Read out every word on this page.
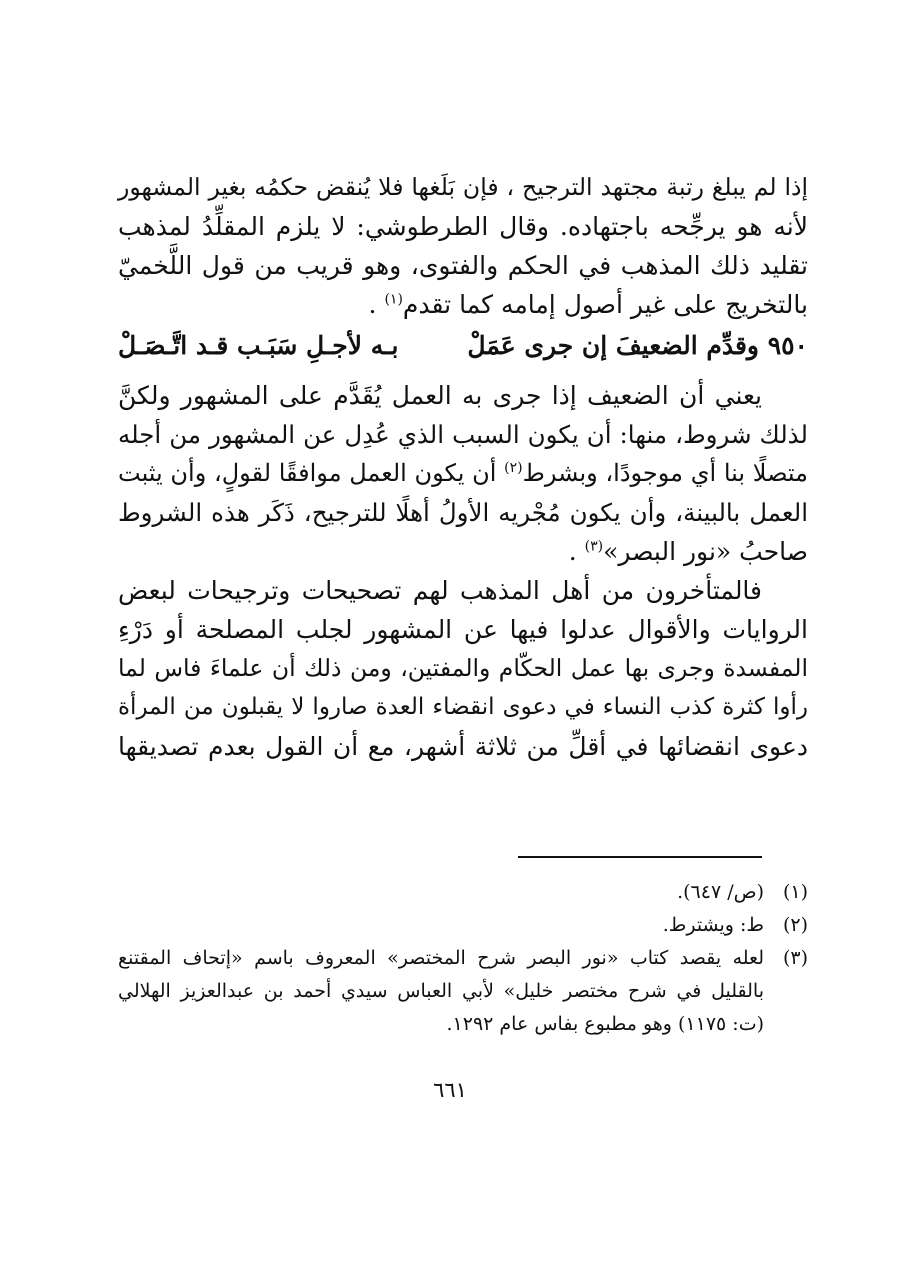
إذا لم يبلغ رتبة مجتهد الترجيح ، فإن بَلَغها فلا يُنقض حكمُه بغير المشهور
لأنه هو يرجِّحه باجتهاده. وقال الطرطوشي: لا يلزم المقلِّدُ لمذهب
تقليد ذلك المذهب في الحكم والفتوى، وهو قريب من قول اللَّخميّ
بالتخريج على غير أصول إمامه كما تقدم$^{(١)}$ .

٩٥٠ وقدِّم الضعيفَ إن جرى عَمَلْ
بـه لأجـلِ سَبَـب قـد اتَّـصَـلْ

يعني أن الضعيف إذا جرى به العمل يُقَدَّم على المشهور ولكنَّ
لذلك شروط، منها: أن يكون السبب الذي عُدِل عن المشهور من أجله
متصلًا بنا أي موجودًا، وبشرط$^{(٢)}$ أن يكون العمل موافقًا لقولٍ، وأن يثبت
العمل بالبينة، وأن يكون مُجْريه الأولُ أهلًا للترجيح، ذَكَر هذه الشروط
صاحبُ «نور البصر»$^{(٣)}$ .

فالمتأخرون من أهل المذهب لهم تصحيحات وترجيحات لبعض
الروايات والأقوال عدلوا فيها عن المشهور لجلب المصلحة أو دَرْءِ
المفسدة وجرى بها عمل الحكّام والمفتين، ومن ذلك أن علماءَ فاس لما
رأوا كثرة كذب النساء في دعوى انقضاء العدة صاروا لا يقبلون من المرأة
دعوى انقضائها في أقلِّ من ثلاثة أشهر، مع أن القول بعدم تصديقها

(١)
(ص/ ٦٤٧).
(٢)
ط: ويشترط.
(٣)
لعله يقصد كتاب «نور البصر شرح المختصر» المعروف باسم «إتحاف المقتنع
بالقليل في شرح مختصر خليل» لأبي العباس سيدي أحمد بن عبدالعزيز الهلالي
(ت: ١١٧٥) وهو مطبوع بفاس عام ١٢٩٢.
٦٦١
